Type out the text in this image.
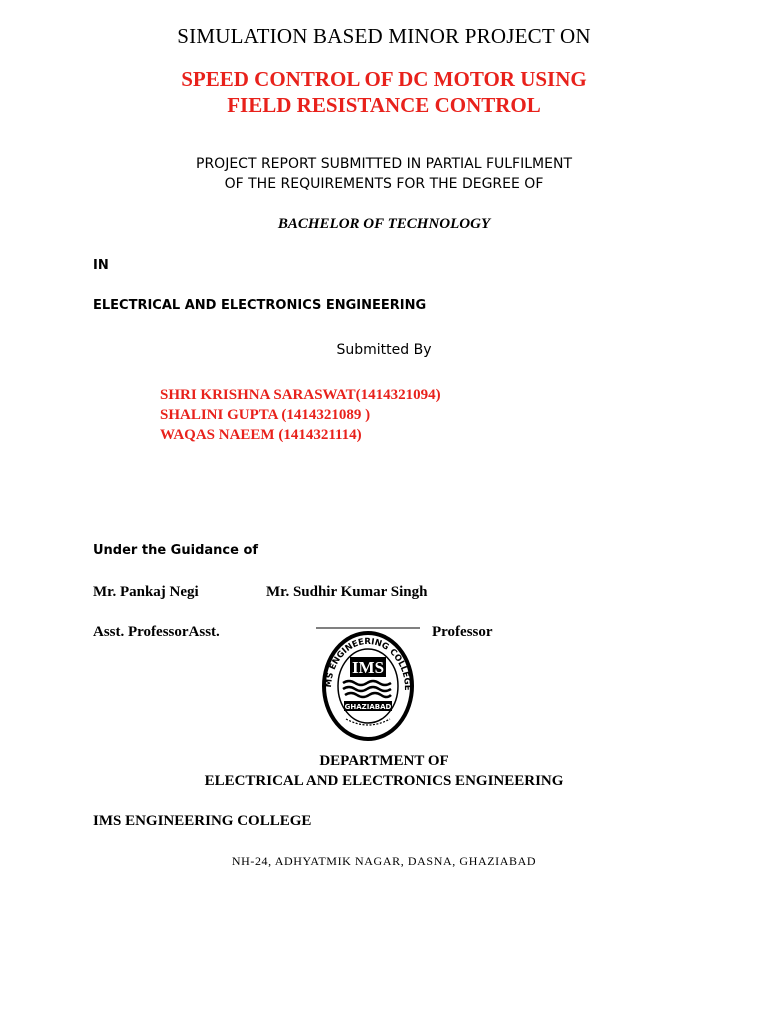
SIMULATION BASED MINOR PROJECT ON
SPEED CONTROL OF DC MOTOR USING
FIELD RESISTANCE CONTROL
PROJECT REPORT SUBMITTED IN PARTIAL FULFILMENT
OF THE REQUIREMENTS FOR THE DEGREE OF
BACHELOR OF TECHNOLOGY
IN
ELECTRICAL AND ELECTRONICS ENGINEERING
Submitted By
SHRI KRISHNA SARASWAT(1414321094)
SHALINI GUPTA (1414321089 )
WAQAS NAEEM (1414321114)
Under the Guidance of
Mr. Pankaj Negi	Mr. Sudhir Kumar Singh
Asst. ProfessorAsst.	Professor
MS ENGINEERING COLLEGE
IMS
GHAZIABAD
DEPARTMENT OF
ELECTRICAL AND ELECTRONICS ENGINEERING
IMS ENGINEERING COLLEGE
NH-24, ADHYATMIK NAGAR, DASNA, GHAZIABAD
